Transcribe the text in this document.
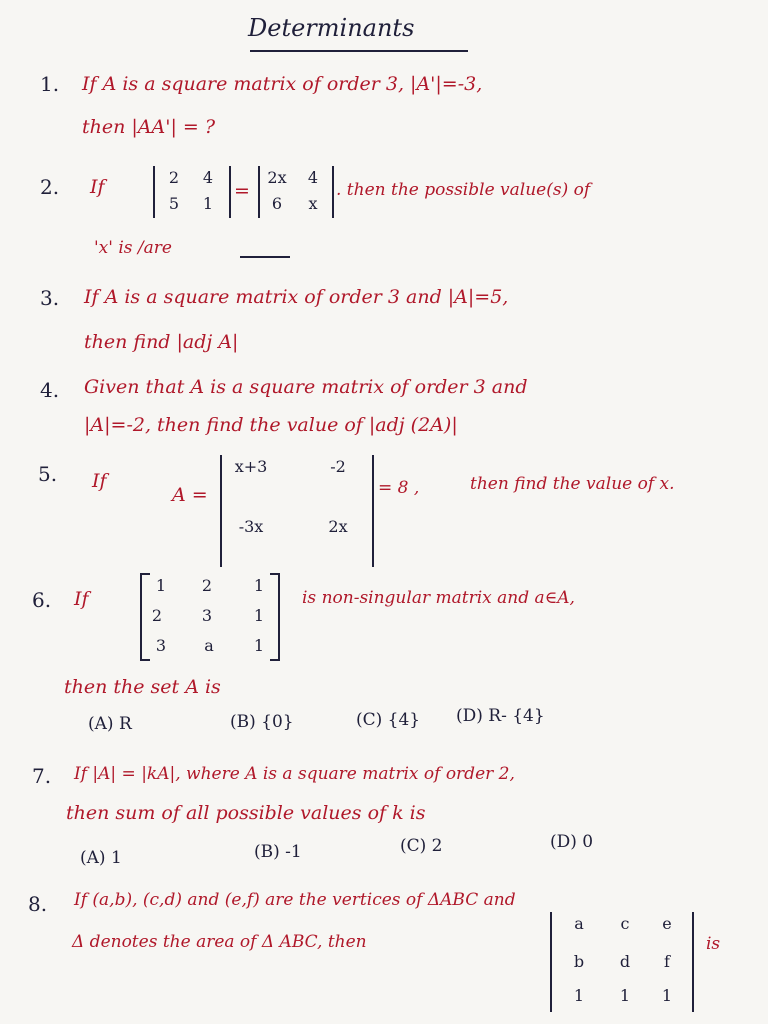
Determinants
1. If A is a square matrix of order 3, |A'|=-3,
then |AA'| = ?
2. If	2	4
5	1
=
2x	4
6	x
. then the possible value(s) of
'x' is /are
3. If A is a square matrix of order 3 and |A|=5,
then find |adj A|
4. Given that A is a square matrix of order 3 and
|A|=-2, then find the value of |adj (2A)|
5. If
A =
x+3	-2
-3x	2x
= 8 ,	then find the value of x.
6. If
1	2	1
2	3	1
3	a	1
is non-singular matrix and a∈A,
then the set A is
(A) R	(B) {0}	(C) {4} (D) R- {4}
7. If |A| = |kA|, where A is a square matrix of order 2,
then sum of all possible values of k is
(A) 1	(B) -1	(C) 2	(D) 0
8. If (a,b), (c,d) and (e,f) are the vertices of ΔABC and
Δ denotes the area of Δ ABC, then
a	c	e
b	d	f
1	1	1
is
